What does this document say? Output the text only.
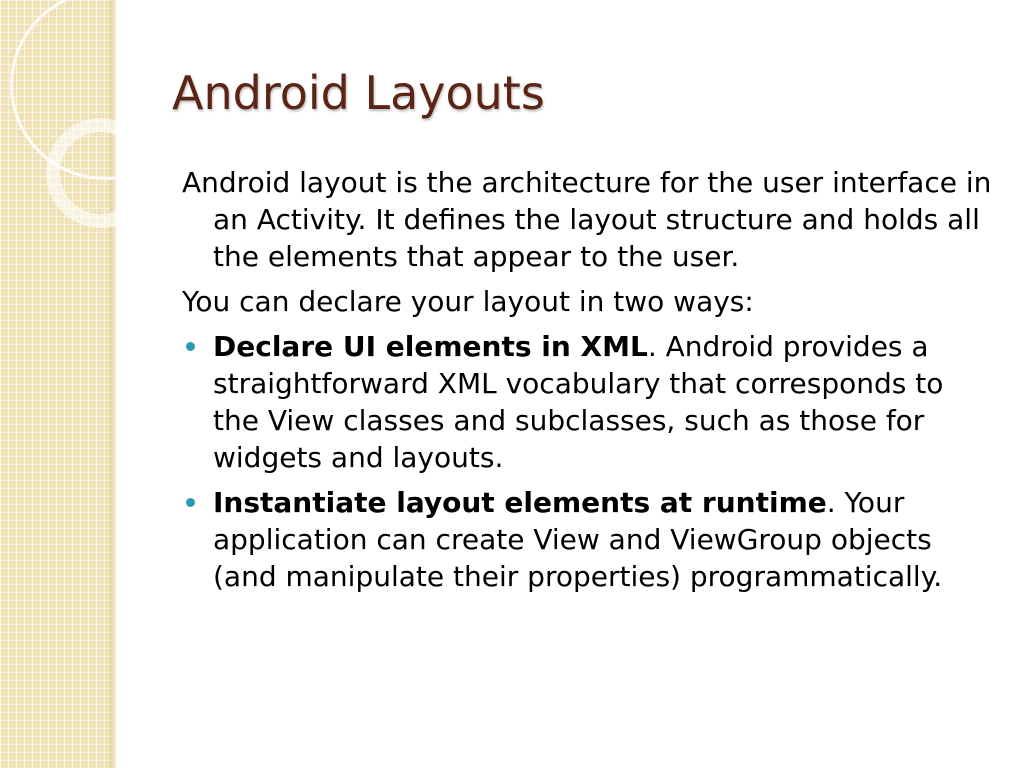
Android Layouts

Android layout is the architecture for the user interface in an Activity. It defines the layout structure and holds all the elements that appear to the user.

You can declare your layout in two ways:

Declare UI elements in XML. Android provides a straightforward XML vocabulary that corresponds to the View classes and subclasses, such as those for widgets and layouts.
Instantiate layout elements at runtime. Your application can create View and ViewGroup objects (and manipulate their properties) programmatically.
